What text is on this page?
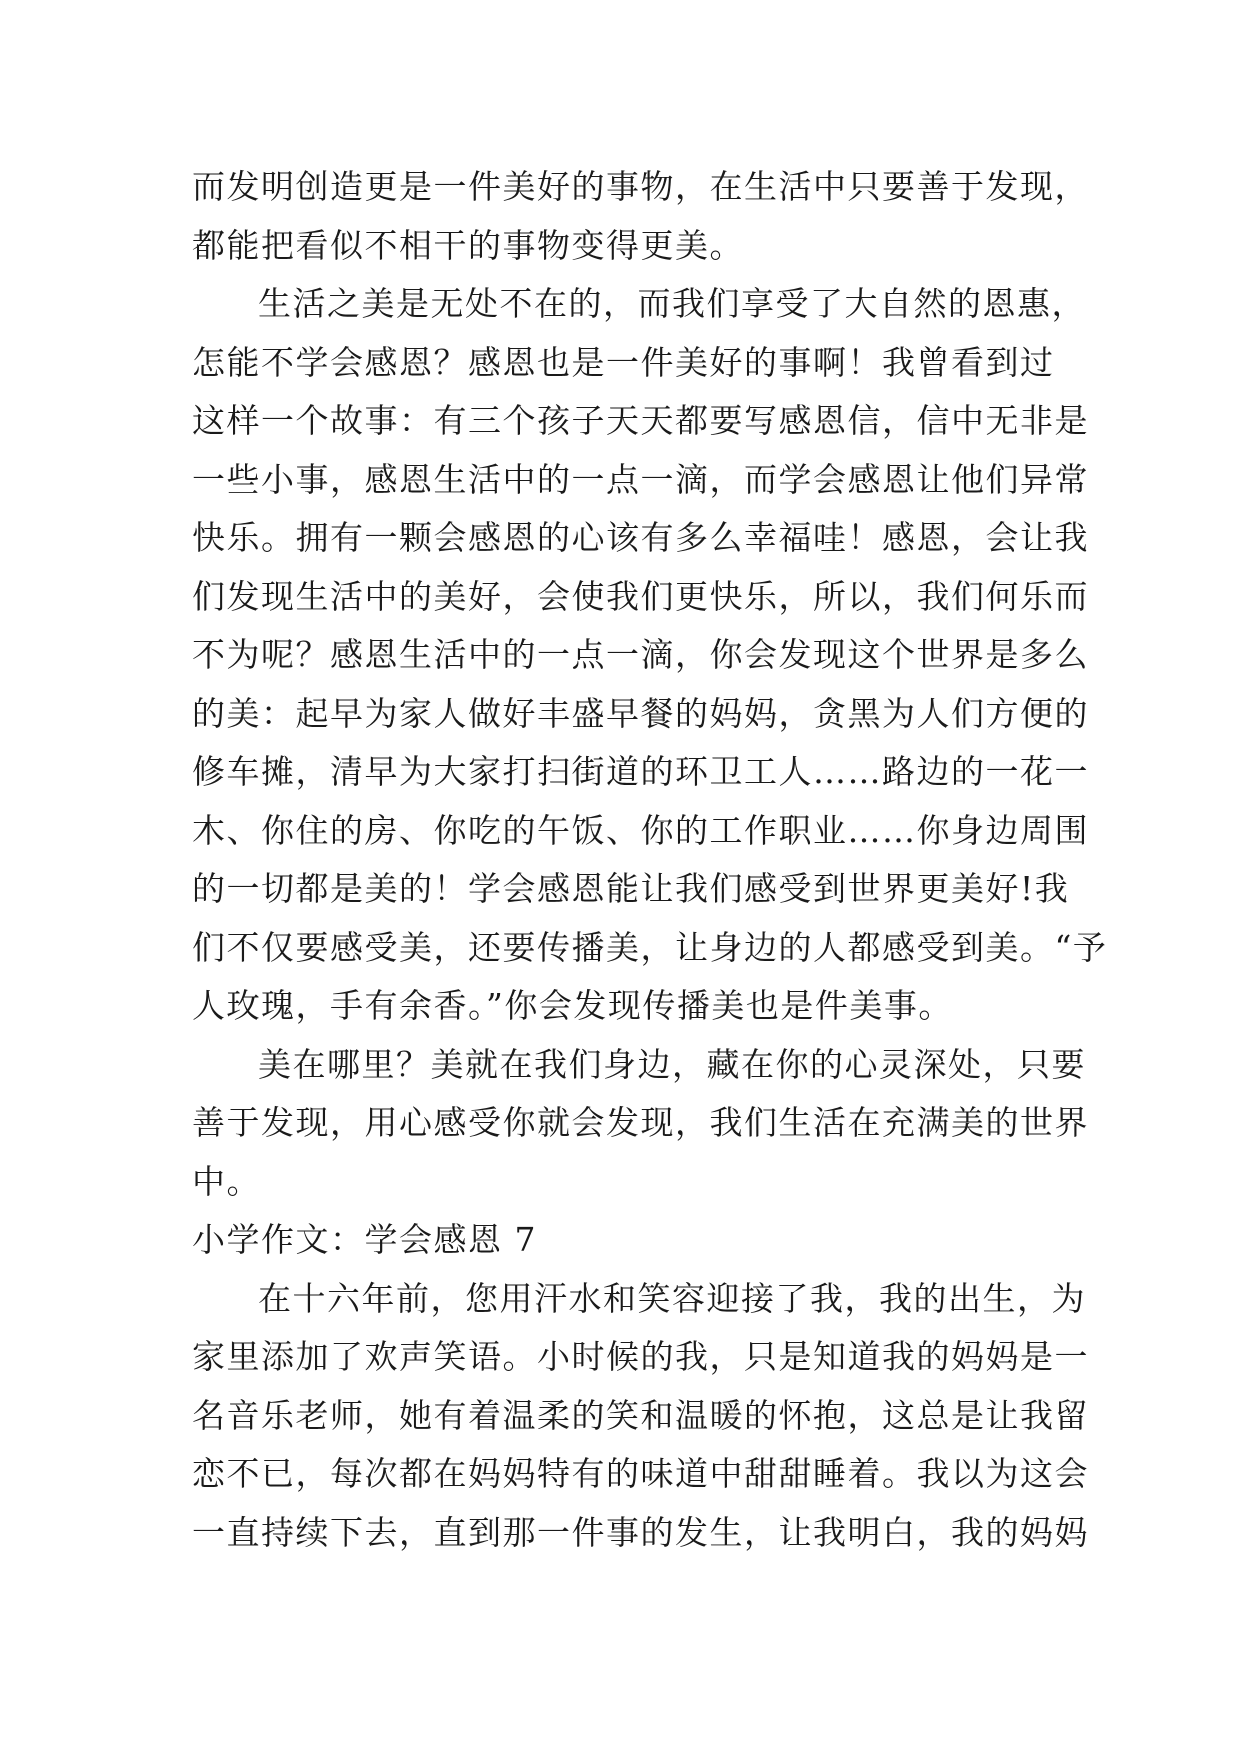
而发明创造更是一件美好的事物，在生活中只要善于发现，
都能把看似不相干的事物变得更美。
生活之美是无处不在的，而我们享受了大自然的恩惠，
怎能不学会感恩？感恩也是一件美好的事啊！我曾看到过
这样一个故事：有三个孩子天天都要写感恩信，信中无非是
一些小事，感恩生活中的一点一滴，而学会感恩让他们异常
快乐。拥有一颗会感恩的心该有多么幸福哇！感恩，会让我
们发现生活中的美好，会使我们更快乐，所以，我们何乐而
不为呢？感恩生活中的一点一滴，你会发现这个世界是多么
的美：起早为家人做好丰盛早餐的妈妈，贪黑为人们方便的
修车摊，清早为大家打扫街道的环卫工人……路边的一花一
木、你住的房、你吃的午饭、你的工作职业……你身边周围
的一切都是美的！学会感恩能让我们感受到世界更美好!我
们不仅要感受美，还要传播美，让身边的人都感受到美。“予
人玫瑰，手有余香。”你会发现传播美也是件美事。
美在哪里？美就在我们身边，藏在你的心灵深处，只要
善于发现，用心感受你就会发现，我们生活在充满美的世界
中。
小学作文：学会感恩 7
在十六年前，您用汗水和笑容迎接了我，我的出生，为
家里添加了欢声笑语。小时候的我，只是知道我的妈妈是一
名音乐老师，她有着温柔的笑和温暖的怀抱，这总是让我留
恋不已，每次都在妈妈特有的味道中甜甜睡着。我以为这会
一直持续下去，直到那一件事的发生，让我明白，我的妈妈
